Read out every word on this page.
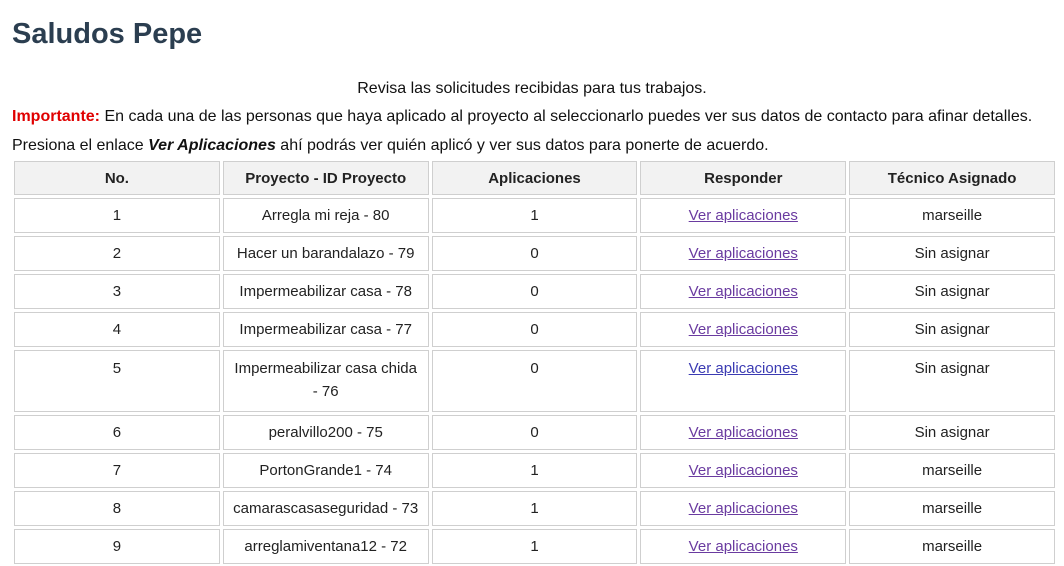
Saludos Pepe
Revisa las solicitudes recibidas para tus trabajos.
Importante: En cada una de las personas que haya aplicado al proyecto al seleccionarlo puedes ver sus datos de contacto para afinar detalles.
Presiona el enlace Ver Aplicaciones ahí podrás ver quién aplicó y ver sus datos para ponerte de acuerdo.
No.	Proyecto - ID Proyecto	Aplicaciones	Responder	Técnico Asignado
1	Arregla mi reja - 80	1	Ver aplicaciones	marseille
2	Hacer un barandalazo - 79	0	Ver aplicaciones	Sin asignar
3	Impermeabilizar casa - 78	0	Ver aplicaciones	Sin asignar
4	Impermeabilizar casa - 77	0	Ver aplicaciones	Sin asignar
5	Impermeabilizar casa chida - 76	0	Ver aplicaciones	Sin asignar
6	peralvillo200 - 75	0	Ver aplicaciones	Sin asignar
7	PortonGrande1 - 74	1	Ver aplicaciones	marseille
8	camarascasaseguridad - 73	1	Ver aplicaciones	marseille
9	arreglamiventana12 - 72	1	Ver aplicaciones	marseille
